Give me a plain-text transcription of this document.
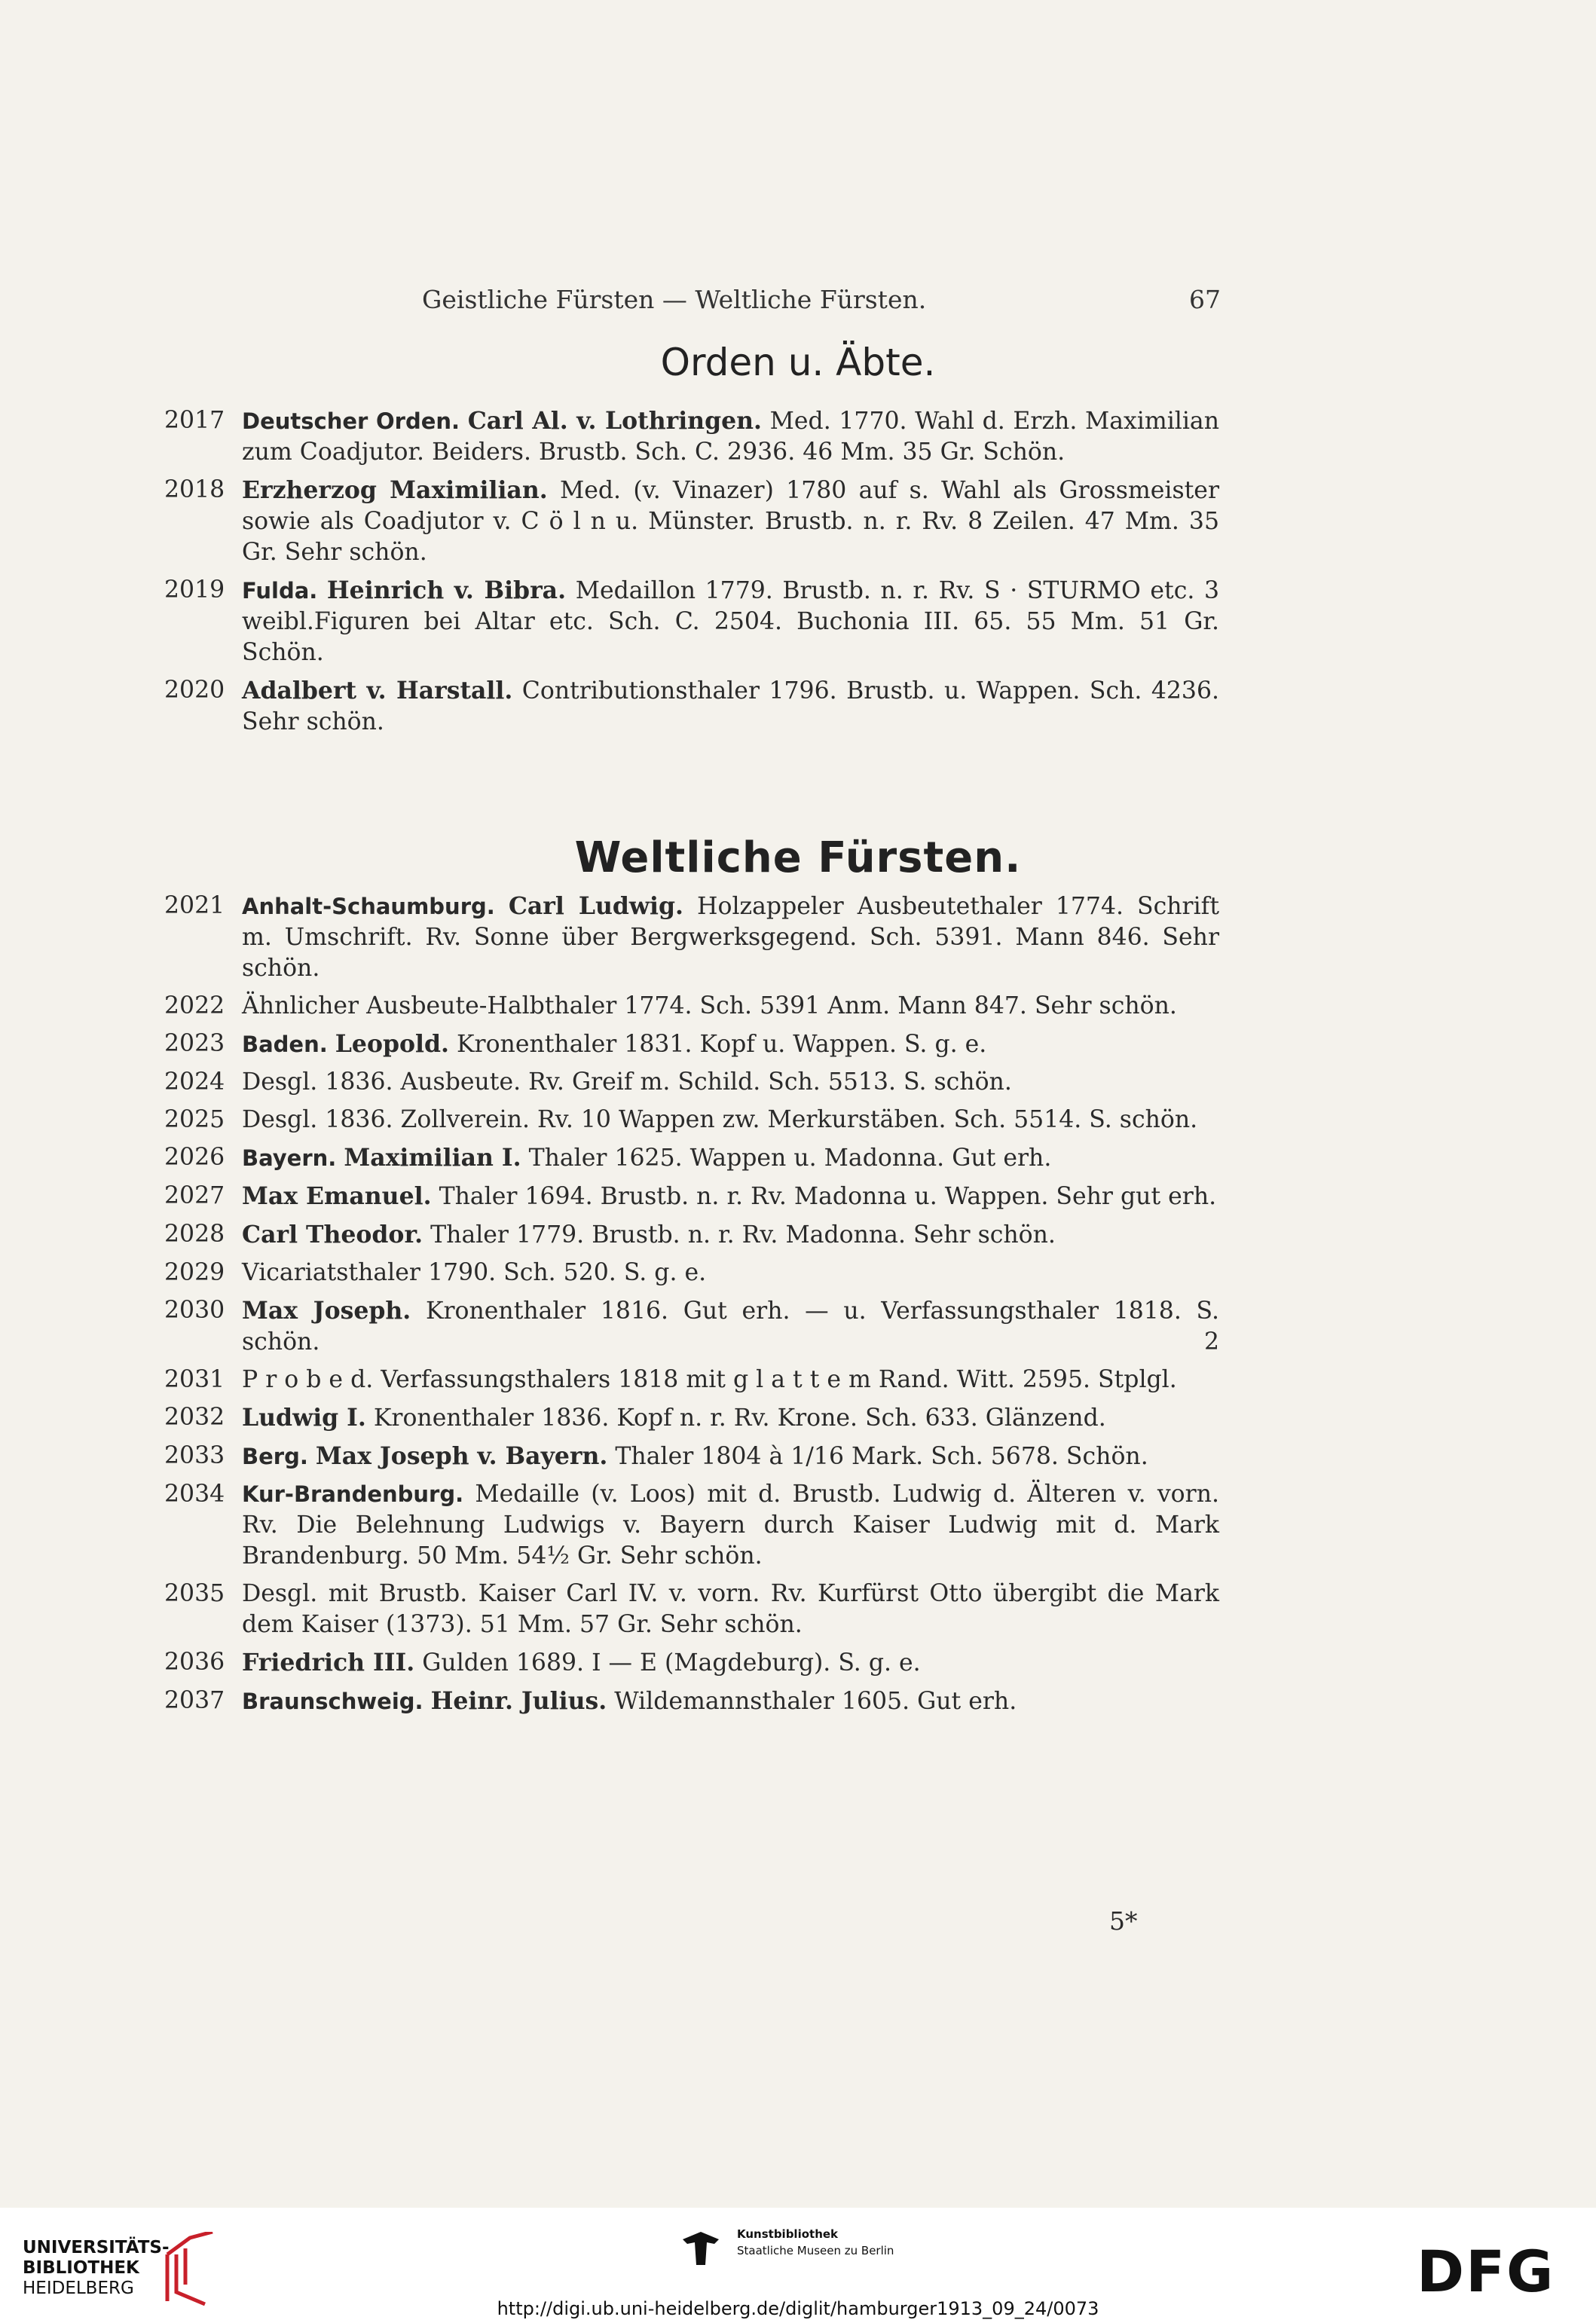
Geistliche Fürsten — Weltliche Fürsten.	67
Orden u. Äbte.
2017 Deutscher Orden. Carl Al. v. Lothringen. Med. 1770. Wahl d. Erzh. Maximilian zum Coadjutor. Beiders. Brustb. Sch. C. 2936. 46 Mm. 35 Gr. Schön.
2018 Erzherzog Maximilian. Med. (v. Vinazer) 1780 auf s. Wahl als Grossmeister sowie als Coadjutor v. C ö l n u. Münster. Brustb. n. r. Rv. 8 Zeilen. 47 Mm. 35 Gr. Sehr schön.
2019 Fulda. Heinrich v. Bibra. Medaillon 1779. Brustb. n. r. Rv. S · STURMO etc. 3 weibl.Figuren bei Altar etc. Sch. C. 2504. Buchonia III. 65. 55 Mm. 51 Gr. Schön.
2020 Adalbert v. Harstall. Contributionsthaler 1796. Brustb. u. Wappen. Sch. 4236. Sehr schön.
Weltliche Fürsten.
2021 Anhalt-Schaumburg. Carl Ludwig. Holzappeler Ausbeutethaler 1774. Schrift m. Umschrift. Rv. Sonne über Bergwerksgegend. Sch. 5391. Mann 846. Sehr schön.
2022 Ähnlicher Ausbeute-Halbthaler 1774. Sch. 5391 Anm. Mann 847. Sehr schön.
2023 Baden. Leopold. Kronenthaler 1831. Kopf u. Wappen. S. g. e.
2024 Desgl. 1836. Ausbeute. Rv. Greif m. Schild. Sch. 5513. S. schön.
2025 Desgl. 1836. Zollverein. Rv. 10 Wappen zw. Merkurstäben. Sch. 5514. S. schön.
2026 Bayern. Maximilian I. Thaler 1625. Wappen u. Madonna. Gut erh.
2027 Max Emanuel. Thaler 1694. Brustb. n. r. Rv. Madonna u. Wappen. Sehr gut erh.
2028 Carl Theodor. Thaler 1779. Brustb. n. r. Rv. Madonna. Sehr schön.
2029 Vicariatsthaler 1790. Sch. 520. S. g. e.
2030 Max Joseph. Kronenthaler 1816. Gut erh. — u. Verfassungsthaler 1818. S. schön.	2
2031 P r o b e d. Verfassungsthalers 1818 mit g l a t t e m Rand. Witt. 2595. Stplgl.
2032 Ludwig I. Kronenthaler 1836. Kopf n. r. Rv. Krone. Sch. 633. Glänzend.
2033 Berg. Max Joseph v. Bayern. Thaler 1804 à 1/16 Mark. Sch. 5678. Schön.
2034 Kur-Brandenburg. Medaille (v. Loos) mit d. Brustb. Ludwig d. Älteren v. vorn. Rv. Die Belehnung Ludwigs v. Bayern durch Kaiser Ludwig mit d. Mark Brandenburg. 50 Mm. 54½ Gr. Sehr schön.
2035 Desgl. mit Brustb. Kaiser Carl IV. v. vorn. Rv. Kurfürst Otto übergibt die Mark dem Kaiser (1373). 51 Mm. 57 Gr. Sehr schön.
2036 Friedrich III. Gulden 1689. I — E (Magdeburg). S. g. e.
2037 Braunschweig. Heinr. Julius. Wildemannsthaler 1605. Gut erh.
5*
UNIVERSITÄTS-
BIBLIOTHEK
HEIDELBERG
Kunstbibliothek
Staatliche Museen zu Berlin	DFG
http://digi.ub.uni-heidelberg.de/diglit/hamburger1913_09_24/0073
